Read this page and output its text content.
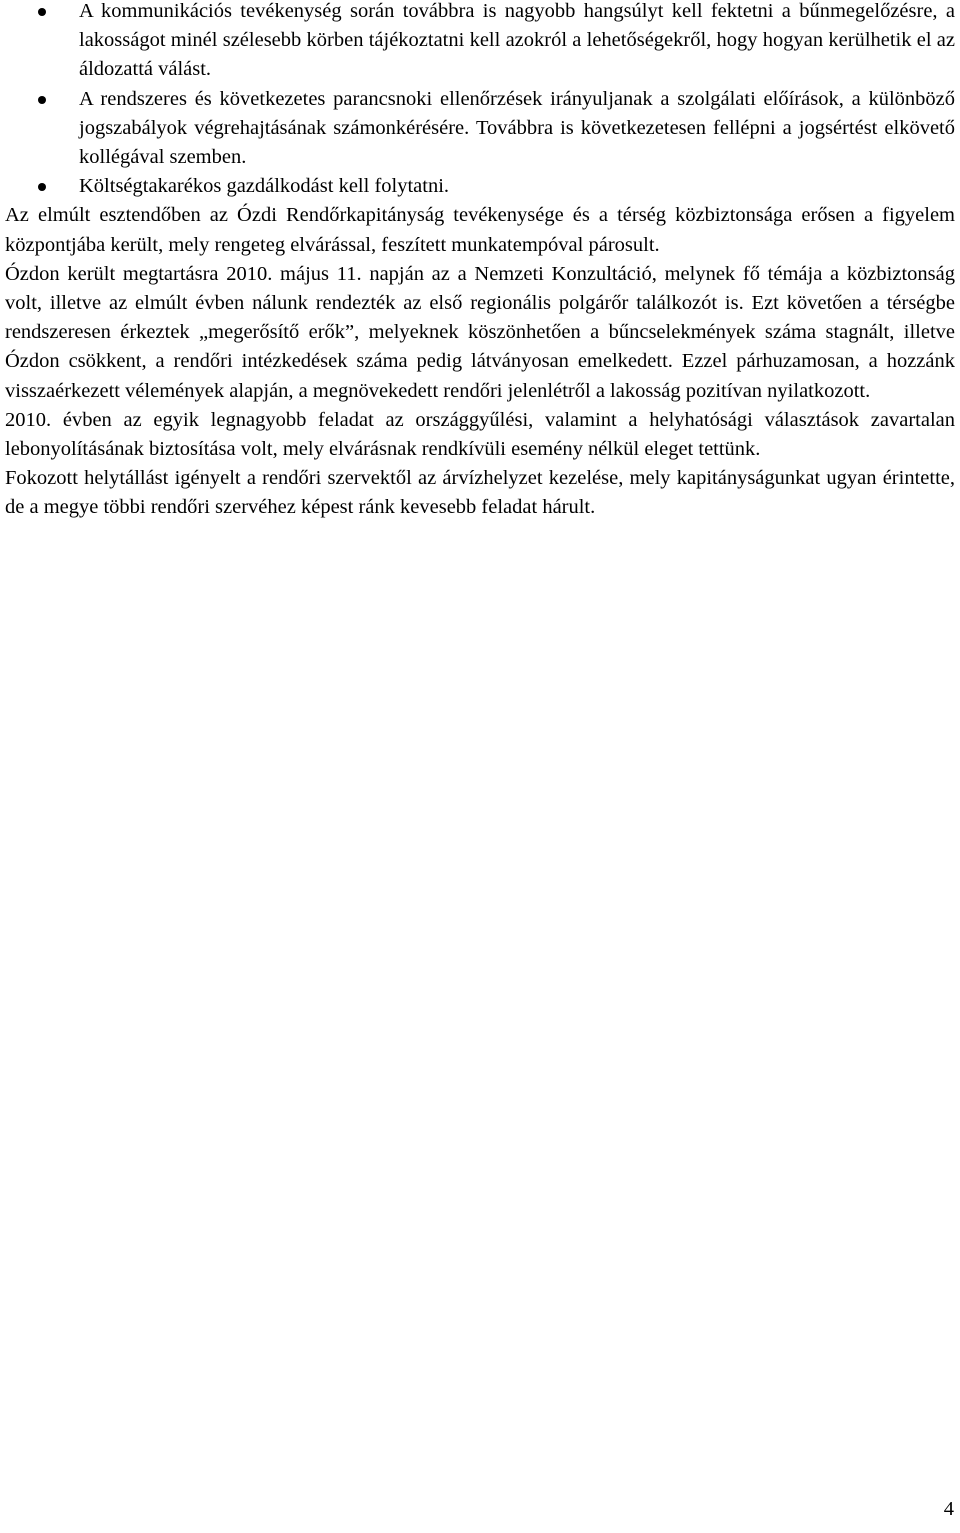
A kommunikációs tevékenység során továbbra is nagyobb hangsúlyt kell fektetni a bűnmegelőzésre, a lakosságot minél szélesebb körben tájékoztatni kell azokról a lehetőségekről, hogy hogyan kerülhetik el az áldozattá válást.
A rendszeres és következetes parancsnoki ellenőrzések irányuljanak a szolgálati előírások, a különböző jogszabályok végrehajtásának számonkérésére. Továbbra is következetesen fellépni a jogsértést elkövető kollégával szemben.
Költségtakarékos gazdálkodást kell folytatni.

Az elmúlt esztendőben az Ózdi Rendőrkapitányság tevékenysége és a térség közbiztonsága erősen a figyelem központjába került, mely rengeteg elvárással, feszített munkatempóval párosult.

Ózdon került megtartásra 2010. május 11. napján az a Nemzeti Konzultáció, melynek fő témája a közbiztonság volt, illetve az elmúlt évben nálunk rendezték az első regionális polgárőr találkozót is. Ezt követően a térségbe rendszeresen érkeztek „megerősítő erők”, melyeknek köszönhetően a bűncselekmények száma stagnált, illetve Ózdon csökkent, a rendőri intézkedések száma pedig látványosan emelkedett. Ezzel párhuzamosan, a hozzánk visszaérkezett vélemények alapján, a megnövekedett rendőri jelenlétről a lakosság pozitívan nyilatkozott.

2010. évben az egyik legnagyobb feladat az országgyűlési, valamint a helyhatósági választások zavartalan lebonyolításának biztosítása volt, mely elvárásnak rendkívüli esemény nélkül eleget tettünk.

Fokozott helytállást igényelt a rendőri szervektől az árvízhelyzet kezelése, mely kapitányságunkat ugyan érintette, de a megye többi rendőri szervéhez képest ránk kevesebb feladat hárult.

4
